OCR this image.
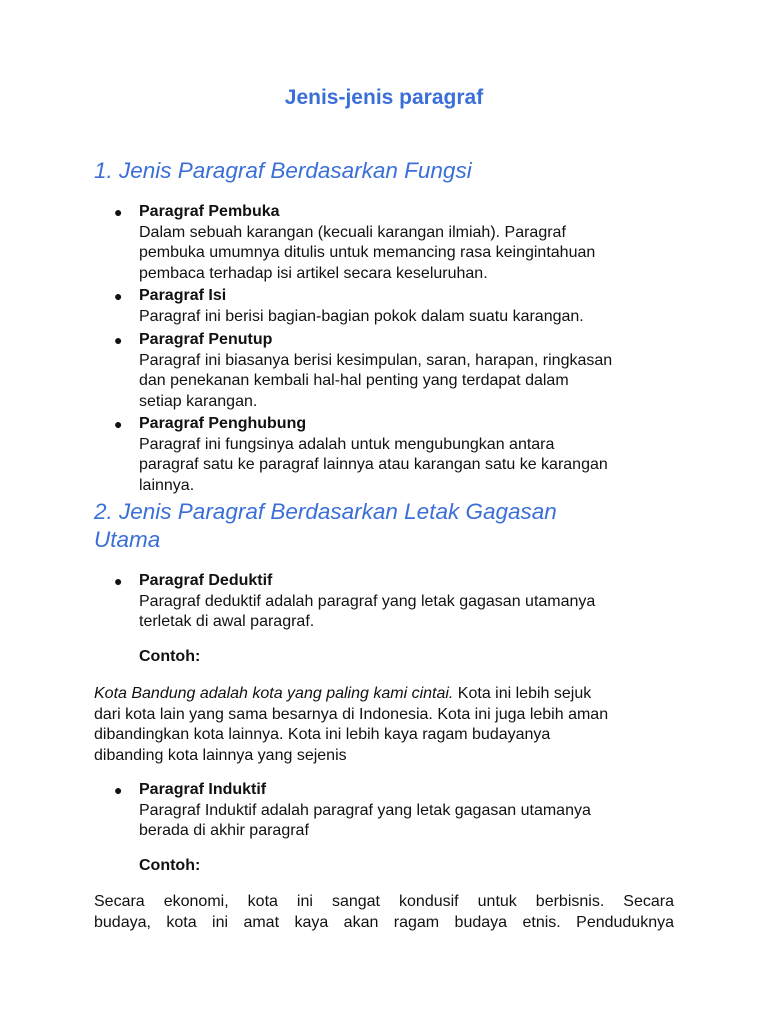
Jenis-jenis paragraf
1. Jenis Paragraf Berdasarkan Fungsi
● Paragraf Pembuka
Dalam sebuah karangan (kecuali karangan ilmiah). Paragraf
pembuka umumnya ditulis untuk memancing rasa keingintahuan
pembaca terhadap isi artikel secara keseluruhan.
● Paragraf Isi
Paragraf ini berisi bagian-bagian pokok dalam suatu karangan.
● Paragraf Penutup
Paragraf ini biasanya berisi kesimpulan, saran, harapan, ringkasan
dan penekanan kembali hal-hal penting yang terdapat dalam
setiap karangan.
● Paragraf Penghubung
Paragraf ini fungsinya adalah untuk mengubungkan antara
paragraf satu ke paragraf lainnya atau karangan satu ke karangan
lainnya.
2. Jenis Paragraf Berdasarkan Letak Gagasan
Utama
● Paragraf Deduktif
Paragraf deduktif adalah paragraf yang letak gagasan utamanya
terletak di awal paragraf.

Contoh:

Kota Bandung adalah kota yang paling kami cintai. Kota ini lebih sejuk
dari kota lain yang sama besarnya di Indonesia. Kota ini juga lebih aman
dibandingkan kota lainnya. Kota ini lebih kaya ragam budayanya
dibanding kota lainnya yang sejenis
● Paragraf Induktif
Paragraf Induktif adalah paragraf yang letak gagasan utamanya
berada di akhir paragraf

Contoh:

Secara ekonomi, kota ini sangat kondusif untuk berbisnis. Secara
budaya, kota ini amat kaya akan ragam budaya etnis. Penduduknya
